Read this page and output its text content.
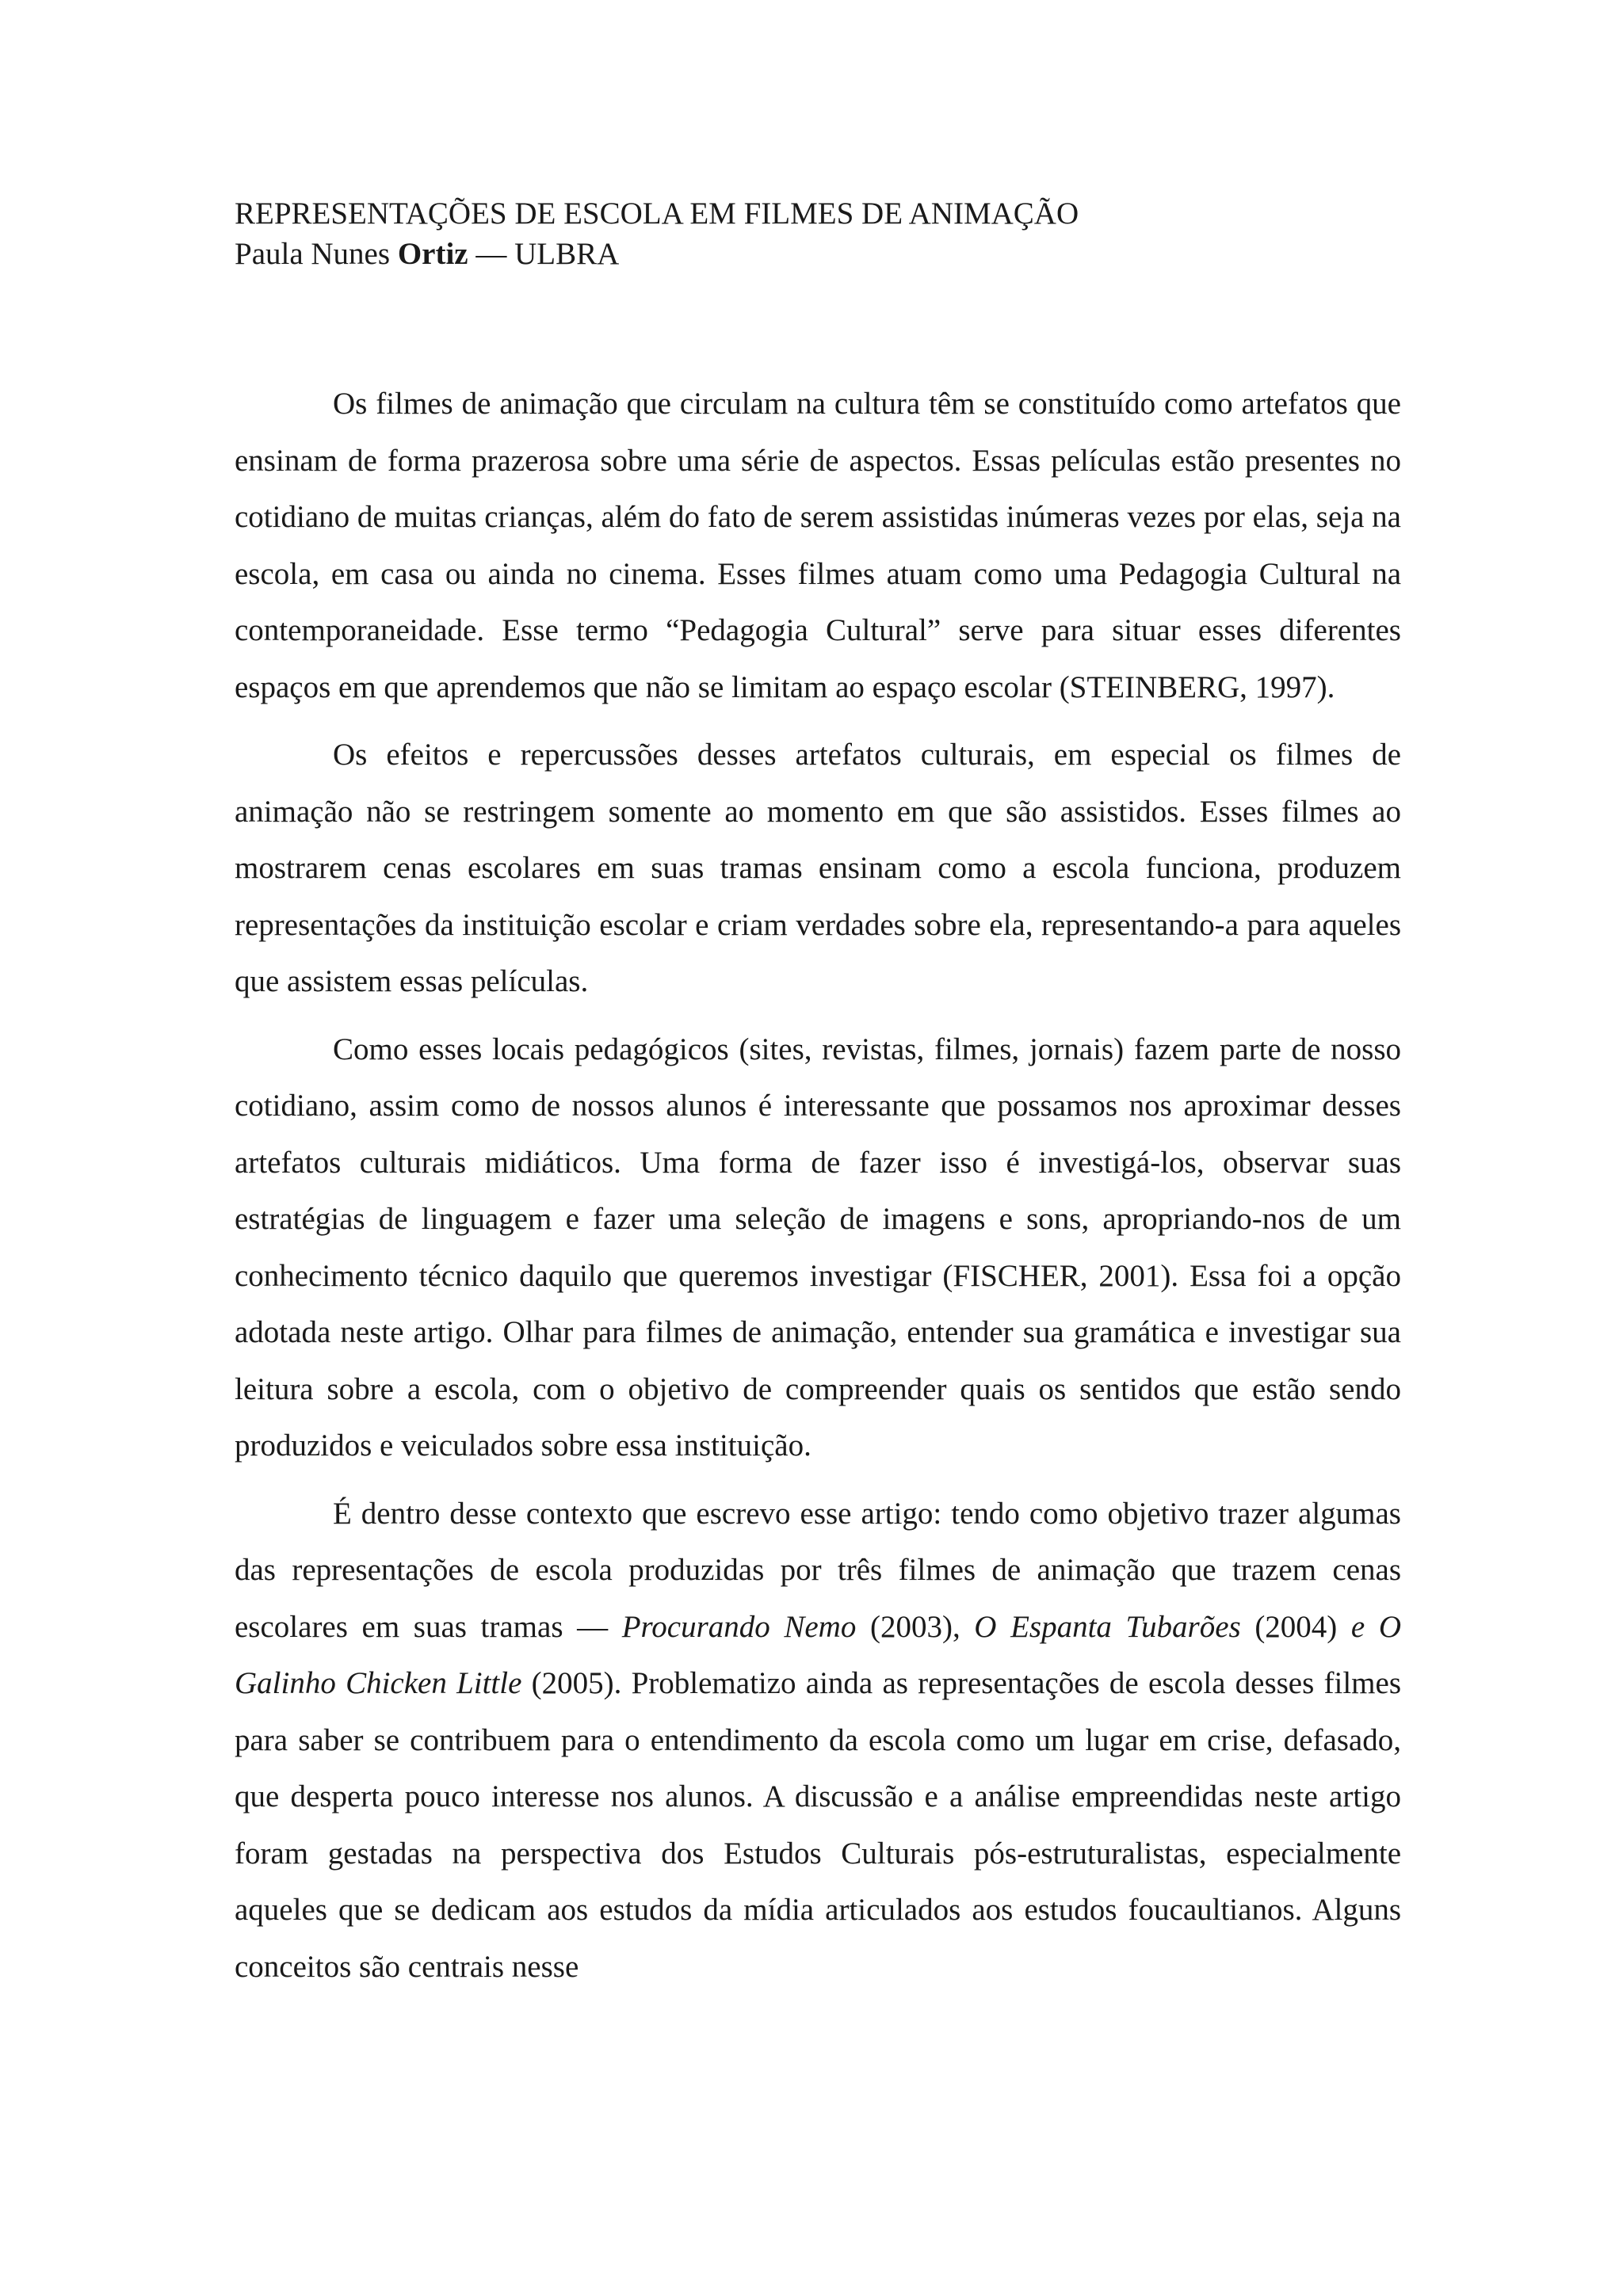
REPRESENTAÇÕES DE ESCOLA EM FILMES DE ANIMAÇÃO
Paula Nunes Ortiz — ULBRA

Os filmes de animação que circulam na cultura têm se constituído como artefatos que ensinam de forma prazerosa sobre uma série de aspectos. Essas películas estão presentes no cotidiano de muitas crianças, além do fato de serem assistidas inúmeras vezes por elas, seja na escola, em casa ou ainda no cinema. Esses filmes atuam como uma Pedagogia Cultural na contemporaneidade. Esse termo “Pedagogia Cultural” serve para situar esses diferentes espaços em que aprendemos que não se limitam ao espaço escolar (STEINBERG, 1997).

Os efeitos e repercussões desses artefatos culturais, em especial os filmes de animação não se restringem somente ao momento em que são assistidos. Esses filmes ao mostrarem cenas escolares em suas tramas ensinam como a escola funciona, produzem representações da instituição escolar e criam verdades sobre ela, representando-a para aqueles que assistem essas películas.

Como esses locais pedagógicos (sites, revistas, filmes, jornais) fazem parte de nosso cotidiano, assim como de nossos alunos é interessante que possamos nos aproximar desses artefatos culturais midiáticos. Uma forma de fazer isso é investigá-los, observar suas estratégias de linguagem e fazer uma seleção de imagens e sons, apropriando-nos de um conhecimento técnico daquilo que queremos investigar (FISCHER, 2001). Essa foi a opção adotada neste artigo. Olhar para filmes de animação, entender sua gramática e investigar sua leitura sobre a escola, com o objetivo de compreender quais os sentidos que estão sendo produzidos e veiculados sobre essa instituição.

É dentro desse contexto que escrevo esse artigo: tendo como objetivo trazer algumas das representações de escola produzidas por três filmes de animação que trazem cenas escolares em suas tramas — Procurando Nemo (2003), O Espanta Tubarões (2004) e O Galinho Chicken Little (2005). Problematizo ainda as representações de escola desses filmes para saber se contribuem para o entendimento da escola como um lugar em crise, defasado, que desperta pouco interesse nos alunos. A discussão e a análise empreendidas neste artigo foram gestadas na perspectiva dos Estudos Culturais pós-estruturalistas, especialmente aqueles que se dedicam aos estudos da mídia articulados aos estudos foucaultianos. Alguns conceitos são centrais nesse
